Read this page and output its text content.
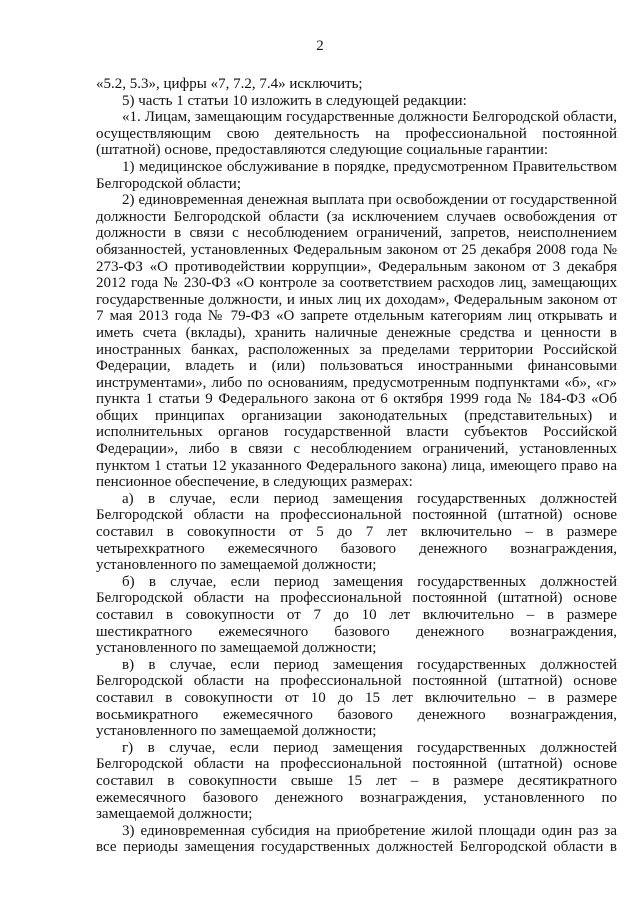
2

«5.2, 5.3», цифры «7, 7.2, 7.4» исключить;

5) часть 1 статьи 10 изложить в следующей редакции:

«1. Лицам, замещающим государственные должности Белгородской области, осуществляющим свою деятельность на профессиональной постоянной (штатной) основе, предоставляются следующие социальные гарантии:

1) медицинское обслуживание в порядке, предусмотренном Правительством Белгородской области;

2) единовременная денежная выплата при освобождении от государственной должности Белгородской области (за исключением случаев освобождения от должности в связи с несоблюдением ограничений, запретов, неисполнением обязанностей, установленных Федеральным законом от 25 декабря 2008 года № 273-ФЗ «О противодействии коррупции», Федеральным законом от 3 декабря 2012 года № 230-ФЗ «О контроле за соответствием расходов лиц, замещающих государственные должности, и иных лиц их доходам», Федеральным законом от 7 мая 2013 года № 79-ФЗ «О запрете отдельным категориям лиц открывать и иметь счета (вклады), хранить наличные денежные средства и ценности в иностранных банках, расположенных за пределами территории Российской Федерации, владеть и (или) пользоваться иностранными финансовыми инструментами», либо по основаниям, предусмотренным подпунктами «б», «г» пункта 1 статьи 9 Федерального закона от 6 октября 1999 года № 184-ФЗ «Об общих принципах организации законодательных (представительных) и исполнительных органов государственной власти субъектов Российской Федерации», либо в связи с несоблюдением ограничений, установленных пунктом 1 статьи 12 указанного Федерального закона) лица, имеющего право на пенсионное обеспечение, в следующих размерах:

а) в случае, если период замещения государственных должностей Белгородской области на профессиональной постоянной (штатной) основе составил в совокупности от 5 до 7 лет включительно – в размере четырехкратного ежемесячного базового денежного вознаграждения, установленного по замещаемой должности;

б) в случае, если период замещения государственных должностей Белгородской области на профессиональной постоянной (штатной) основе составил в совокупности от 7 до 10 лет включительно – в размере шестикратного ежемесячного базового денежного вознаграждения, установленного по замещаемой должности;

в) в случае, если период замещения государственных должностей Белгородской области на профессиональной постоянной (штатной) основе составил в совокупности от 10 до 15 лет включительно – в размере восьмикратного ежемесячного базового денежного вознаграждения, установленного по замещаемой должности;

г) в случае, если период замещения государственных должностей Белгородской области на профессиональной постоянной (штатной) основе составил в совокупности свыше 15 лет – в размере десятикратного ежемесячного базового денежного вознаграждения, установленного по замещаемой должности;

3) единовременная субсидия на приобретение жилой площади один раз за все периоды замещения государственных должностей Белгородской области в
